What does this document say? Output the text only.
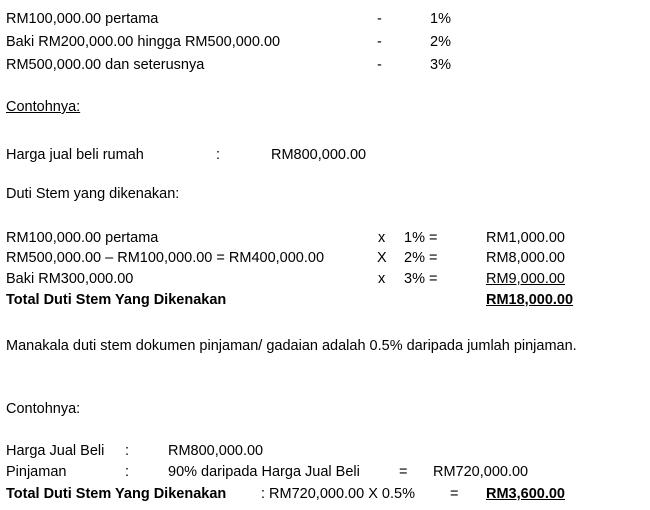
RM100,000.00 pertama	-	1%
Baki RM200,000.00 hingga RM500,000.00	-	2%
RM500,000.00 dan seterusnya	-	3%
Contohnya:
Harga jual beli rumah	:	RM800,000.00
Duti Stem yang dikenakan:
RM100,000.00 pertama	x 1% =	RM1,000.00
RM500,000.00 – RM100,000.00 = RM400,000.00	X 2% =	RM8,000.00
Baki RM300,000.00	x 3% =	RM9,000.00
Total Duti Stem Yang Dikenakan	RM18,000.00
Manakala duti stem dokumen pinjaman/ gadaian adalah 0.5% daripada jumlah pinjaman.
Contohnya:
Harga Jual Beli :	RM800,000.00
Pinjaman	:	90% daripada Harga Jual Beli	= RM720,000.00
Total Duti Stem Yang Dikenakan : RM720,000.00 X 0.5% = RM3,600.00
